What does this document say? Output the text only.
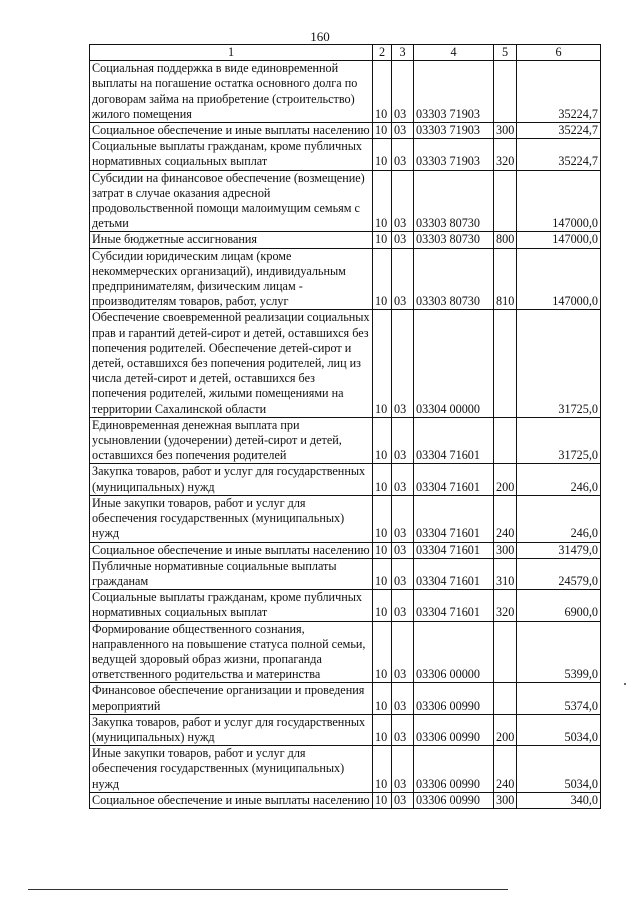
160
1	2	3	4	5	6
Социальная поддержка в виде единовременной выплаты на погашение остатка основного долга по договорам займа на приобретение (строительство) жилого помещения	10	03	03303 71903		35224,7
Социальное обеспечение и иные выплаты населению	10	03	03303 71903	300	35224,7
Социальные выплаты гражданам, кроме публичных нормативных социальных выплат	10	03	03303 71903	320	35224,7
Субсидии на финансовое обеспечение (возмещение) затрат в случае оказания адресной продовольственной помощи малоимущим семьям с детьми	10	03	03303 80730		147000,0
Иные бюджетные ассигнования	10	03	03303 80730	800	147000,0
Субсидии юридическим лицам (кроме некоммерческих организаций), индивидуальным предпринимателям, физическим лицам - производителям товаров, работ, услуг	10	03	03303 80730	810	147000,0
Обеспечение своевременной реализации социальных прав и гарантий детей-сирот и детей, оставшихся без попечения родителей. Обеспечение детей-сирот и детей, оставшихся без попечения родителей, лиц из числа детей-сирот и детей, оставшихся без попечения родителей, жилыми помещениями на территории Сахалинской области	10	03	03304 00000		31725,0
Единовременная денежная выплата при усыновлении (удочерении) детей-сирот и детей, оставшихся без попечения родителей	10	03	03304 71601		31725,0
Закупка товаров, работ и услуг для государственных (муниципальных) нужд	10	03	03304 71601	200	246,0
Иные закупки товаров, работ и услуг для обеспечения государственных (муниципальных) нужд	10	03	03304 71601	240	246,0
Социальное обеспечение и иные выплаты населению	10	03	03304 71601	300	31479,0
Публичные нормативные социальные выплаты гражданам	10	03	03304 71601	310	24579,0
Социальные выплаты гражданам, кроме публичных нормативных социальных выплат	10	03	03304 71601	320	6900,0
Формирование общественного сознания, направленного на повышение статуса полной семьи, ведущей здоровый образ жизни, пропаганда ответственного родительства и материнства	10	03	03306 00000		5399,0
Финансовое обеспечение организации и проведения мероприятий	10	03	03306 00990		5374,0
Закупка товаров, работ и услуг для государственных (муниципальных) нужд	10	03	03306 00990	200	5034,0
Иные закупки товаров, работ и услуг для обеспечения государственных (муниципальных) нужд	10	03	03306 00990	240	5034,0
Социальное обеспечение и иные выплаты населению	10	03	03306 00990	300	340,0
